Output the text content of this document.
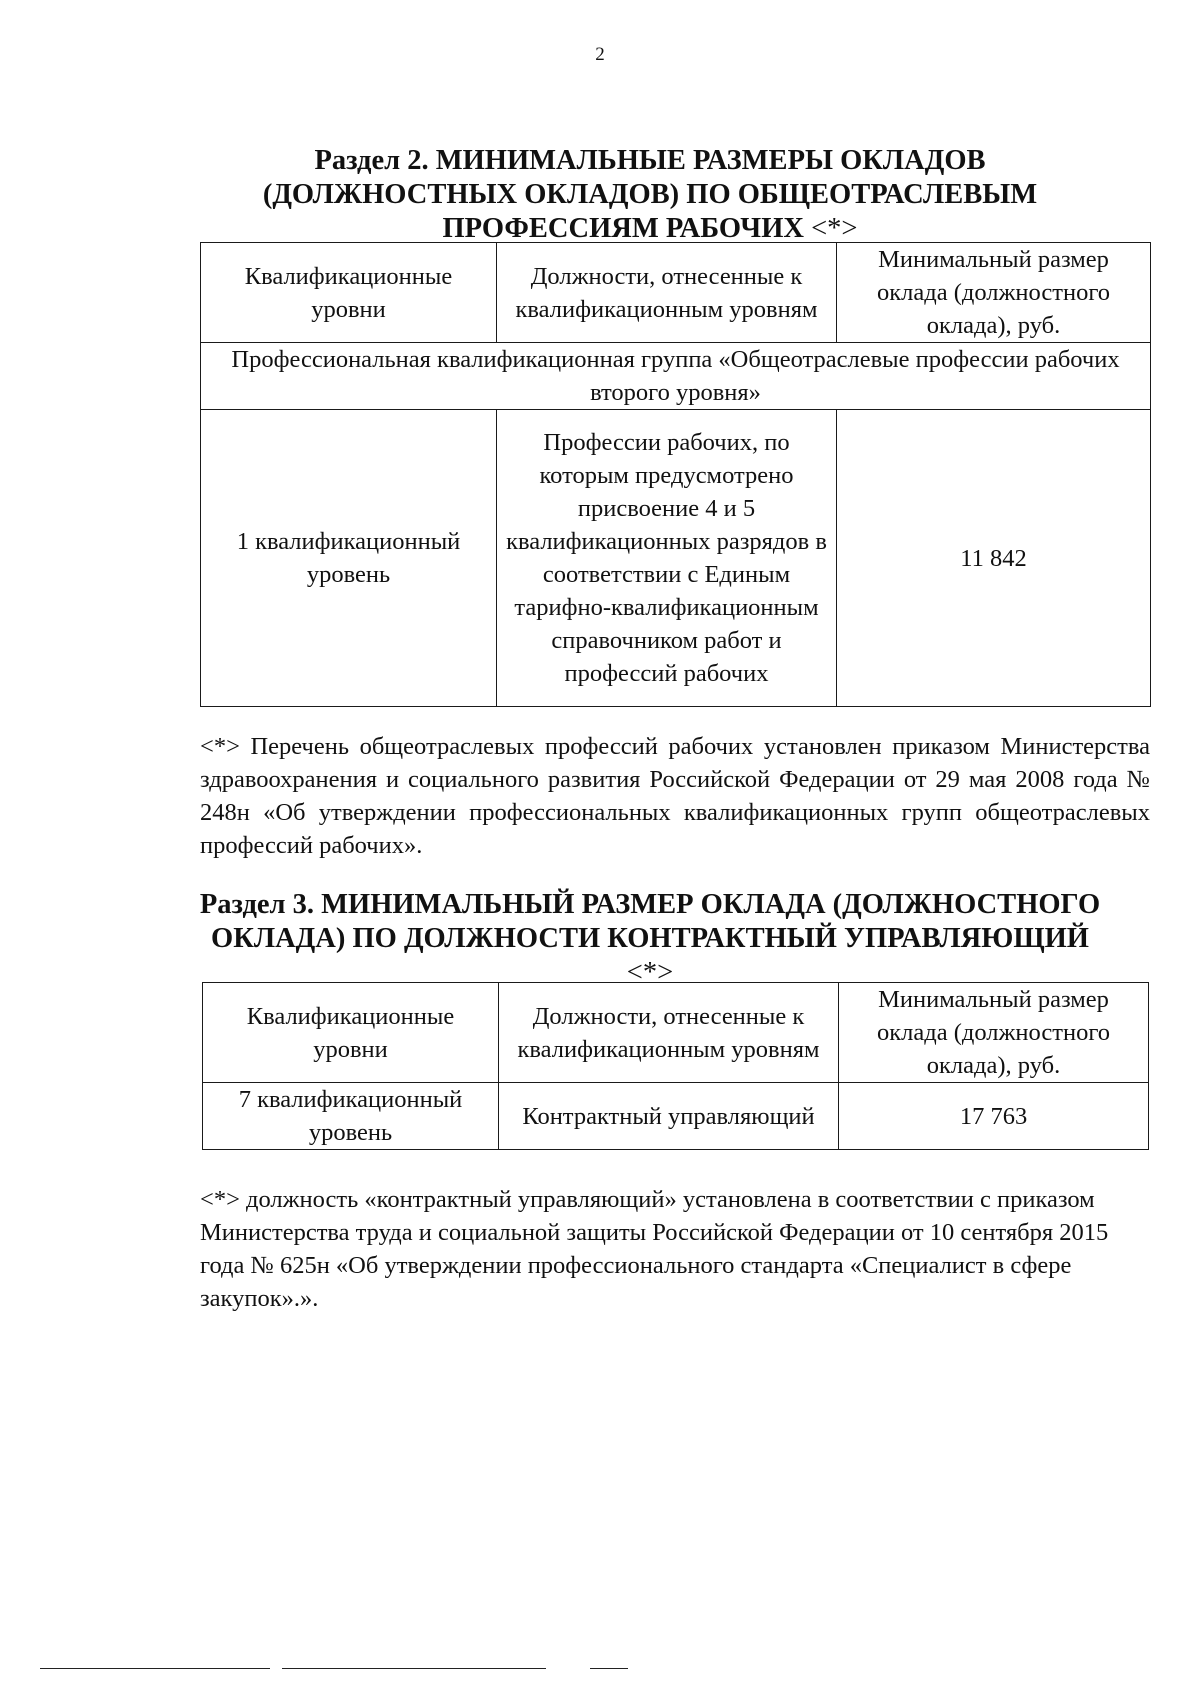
2
Раздел 2. МИНИМАЛЬНЫЕ РАЗМЕРЫ ОКЛАДОВ (ДОЛЖНОСТНЫХ ОКЛАДОВ) ПО ОБЩЕОТРАСЛЕВЫМ ПРОФЕССИЯМ РАБОЧИХ <*>
Квалификационные уровни	Должности, отнесенные к квалификационным уровням	Минимальный размер оклада (должностного оклада), руб.
Профессиональная квалификационная группа «Общеотраслевые профессии рабочих второго уровня»		
1 квалификационный уровень	Профессии рабочих, по которым предусмотрено присвоение 4 и 5 квалификационных разрядов в соответствии с Единым тарифно-квалификационным справочником работ и профессий рабочих	11 842
<*> Перечень общеотраслевых профессий рабочих установлен приказом Министерства здравоохранения и социального развития Российской Федерации от 29 мая 2008 года № 248н «Об утверждении профессиональных квалификационных групп общеотраслевых профессий рабочих».
Раздел 3. МИНИМАЛЬНЫЙ РАЗМЕР ОКЛАДА (ДОЛЖНОСТНОГО ОКЛАДА) ПО ДОЛЖНОСТИ КОНТРАКТНЫЙ УПРАВЛЯЮЩИЙ <*>
Квалификационные уровни	Должности, отнесенные к квалификационным уровням	Минимальный размер оклада (должностного оклада), руб.
7 квалификационный уровень	Контрактный управляющий	17 763
<*> должность «контрактный управляющий» установлена в соответствии с приказом Министерства труда и социальной защиты Российской Федерации от 10 сентября 2015 года № 625н «Об утверждении профессионального стандарта «Специалист в сфере закупок».».
